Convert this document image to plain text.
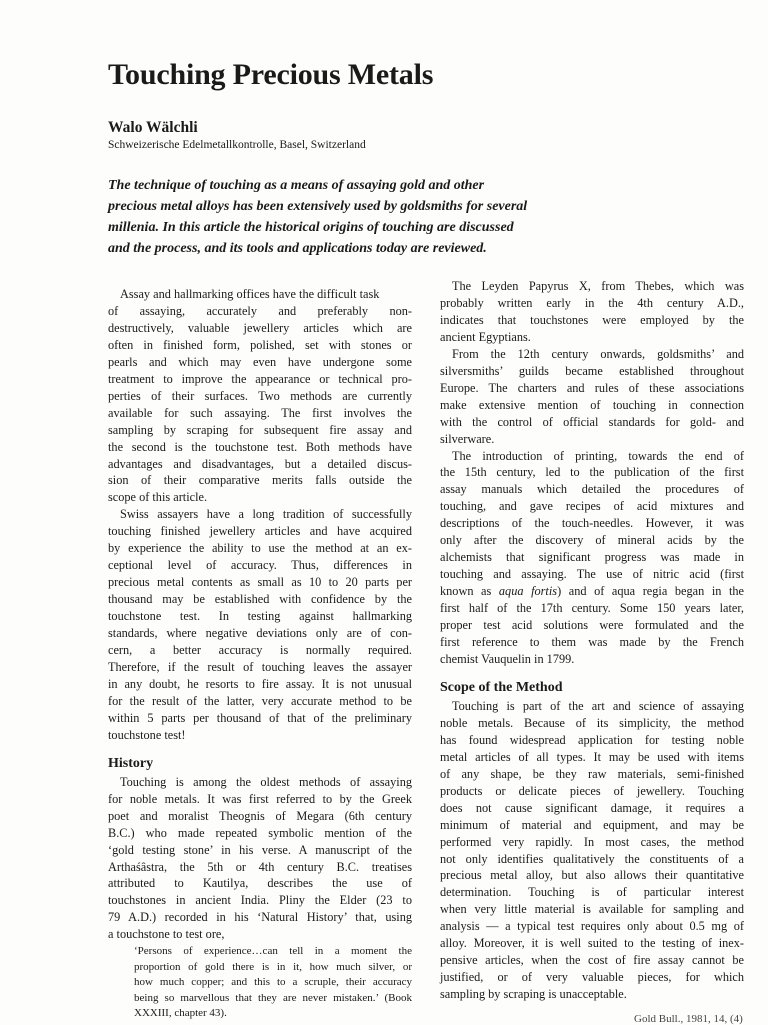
Touching Precious Metals
Walo Wälchli

Schweizerische Edelmetallkontrolle, Basel, Switzerland

The technique of touching as a means of assaying gold and other
precious metal alloys has been extensively used by goldsmiths for several
millenia. In this article the historical origins of touching are discussed
and the process, and its tools and applications today are reviewed.
Assay and hallmarking offices have the difficult task
of assaying, accurately and preferably non-
destructively, valuable jewellery articles which are
often in finished form, polished, set with stones or
pearls and which may even have undergone some
treatment to improve the appearance or technical pro-
perties of their surfaces. Two methods are currently
available for such assaying. The first involves the
sampling by scraping for subsequent fire assay and
the second is the touchstone test. Both methods have
advantages and disadvantages, but a detailed discus-
sion of their comparative merits falls outside the
scope of this article.
Swiss assayers have a long tradition of successfully
touching finished jewellery articles and have acquired
by experience the ability to use the method at an ex-
ceptional level of accuracy. Thus, differences in
precious metal contents as small as 10 to 20 parts per
thousand may be established with confidence by the
touchstone test. In testing against hallmarking
standards, where negative deviations only are of con-
cern, a better accuracy is normally required.
Therefore, if the result of touching leaves the assayer
in any doubt, he resorts to fire assay. It is not unusual
for the result of the latter, very accurate method to be
within 5 parts per thousand of that of the preliminary
touchstone test!
History
Touching is among the oldest methods of assaying
for noble metals. It was first referred to by the Greek
poet and moralist Theognis of Megara (6th century
B.C.) who made repeated symbolic mention of the
‘gold testing stone’ in his verse. A manuscript of the
Arthaśâstra, the 5th or 4th century B.C. treatises
attributed to Kautilya, describes the use of
touchstones in ancient India. Pliny the Elder (23 to
79 A.D.) recorded in his ‘Natural History’ that, using
a touchstone to test ore,
‘Persons of experience…can tell in a moment the
proportion of gold there is in it, how much silver, or
how much copper; and this to a scruple, their accuracy
being so marvellous that they are never mistaken.’ (Book
XXXIII, chapter 43).
The Leyden Papyrus X, from Thebes, which was
probably written early in the 4th century A.D.,
indicates that touchstones were employed by the
ancient Egyptians.
From the 12th century onwards, goldsmiths’ and
silversmiths’ guilds became established throughout
Europe. The charters and rules of these associations
make extensive mention of touching in connection
with the control of official standards for gold- and
silverware.
The introduction of printing, towards the end of
the 15th century, led to the publication of the first
assay manuals which detailed the procedures of
touching, and gave recipes of acid mixtures and
descriptions of the touch-needles. However, it was
only after the discovery of mineral acids by the
alchemists that significant progress was made in
touching and assaying. The use of nitric acid (first
known as aqua fortis) and of aqua regia began in the
first half of the 17th century. Some 150 years later,
proper test acid solutions were formulated and the
first reference to them was made by the French
chemist Vauquelin in 1799.
Scope of the Method
Touching is part of the art and science of assaying
noble metals. Because of its simplicity, the method
has found widespread application for testing noble
metal articles of all types. It may be used with items
of any shape, be they raw materials, semi-finished
products or delicate pieces of jewellery. Touching
does not cause significant damage, it requires a
minimum of material and equipment, and may be
performed very rapidly. In most cases, the method
not only identifies qualitatively the constituents of a
precious metal alloy, but also allows their quantitative
determination. Touching is of particular interest
when very little material is available for sampling and
analysis — a typical test requires only about 0.5 mg of
alloy. Moreover, it is well suited to the testing of inex-
pensive articles, when the cost of fire assay cannot be
justified, or of very valuable pieces, for which
sampling by scraping is unacceptable.
Gold Bull., 1981, 14, (4)
